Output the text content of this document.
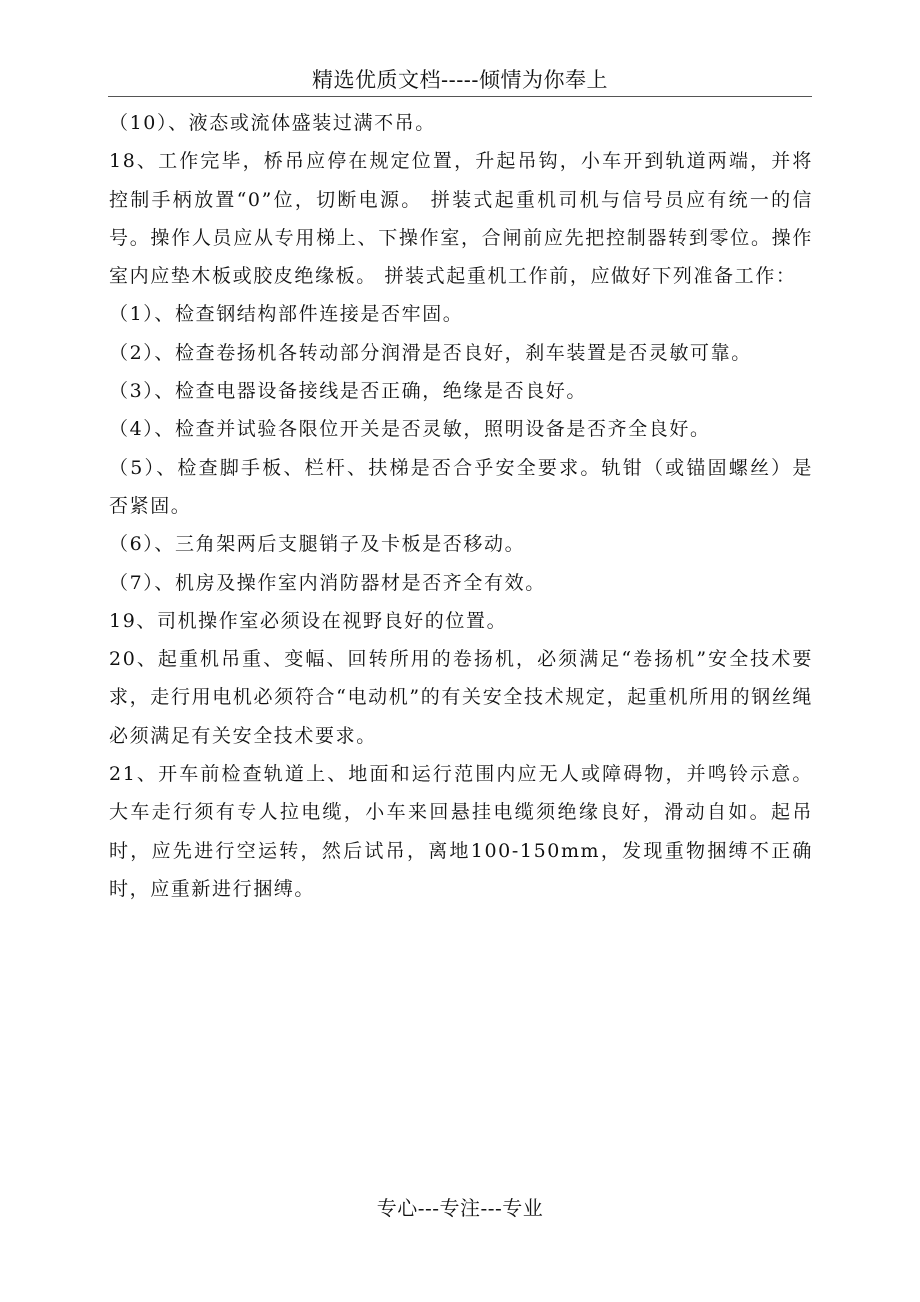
精选优质文档-----倾情为你奉上

（10）、液态或流体盛装过满不吊。

18、工作完毕，桥吊应停在规定位置，升起吊钩，小车开到轨道两端，并将控制手柄放置“0”位，切断电源。 拼装式起重机司机与信号员应有统一的信号。操作人员应从专用梯上、下操作室，合闸前应先把控制器转到零位。操作室内应垫木板或胶皮绝缘板。 拼装式起重机工作前，应做好下列准备工作：

（1）、检查钢结构部件连接是否牢固。

（2）、检查卷扬机各转动部分润滑是否良好，刹车装置是否灵敏可靠。

（3）、检查电器设备接线是否正确，绝缘是否良好。

（4）、检查并试验各限位开关是否灵敏，照明设备是否齐全良好。

（5）、检查脚手板、栏杆、扶梯是否合乎安全要求。轨钳（或锚固螺丝）是否紧固。

（6）、三角架两后支腿销子及卡板是否移动。

（7）、机房及操作室内消防器材是否齐全有效。

19、司机操作室必须设在视野良好的位置。

20、起重机吊重、变幅、回转所用的卷扬机，必须满足“卷扬机”安全技术要求，走行用电机必须符合“电动机”的有关安全技术规定，起重机所用的钢丝绳必须满足有关安全技术要求。

21、开车前检查轨道上、地面和运行范围内应无人或障碍物，并鸣铃示意。大车走行须有专人拉电缆，小车来回悬挂电缆须绝缘良好，滑动自如。起吊时，应先进行空运转，然后试吊，离地100-150mm，发现重物捆缚不正确时，应重新进行捆缚。

专心---专注---专业
